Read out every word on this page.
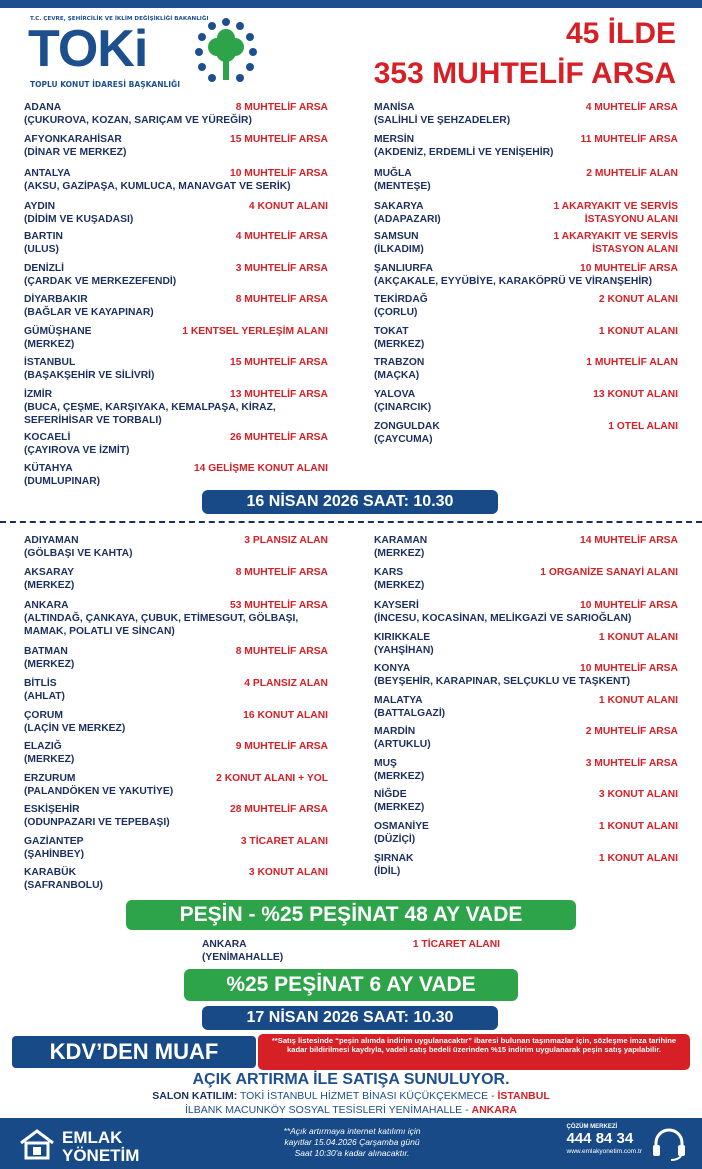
T.C. ÇEVRE, ŞEHİRCİLİK VE İKLİM DEĞİŞİKLİĞİ BAKANLIĞI
TOKi
TOPLU KONUT İDARESİ BAŞKANLIĞI
45 İLDE
353 MUHTELİF ARSA
ADANA
(ÇUKUROVA, KOZAN, SARIÇAM VE YÜREĞİR)
8 MUHTELİF ARSA
AFYONKARAHİSAR
(DİNAR VE MERKEZ)
15 MUHTELİF ARSA
ANTALYA
(AKSU, GAZİPAŞA, KUMLUCA, MANAVGAT VE SERİK)
10 MUHTELİF ARSA
AYDIN
(DİDİM VE KUŞADASI)
4 KONUT ALANI
BARTIN
(ULUS)
4 MUHTELİF ARSA
DENİZLİ
(ÇARDAK VE MERKEZEFENDİ)
3 MUHTELİF ARSA
DİYARBAKIR
(BAĞLAR VE KAYAPINAR)
8 MUHTELİF ARSA
GÜMÜŞHANE
(MERKEZ)
1 KENTSEL YERLEŞİM ALANI
İSTANBUL
(BAŞAKŞEHİR VE SİLİVRİ)
15 MUHTELİF ARSA
İZMİR
(BUCA, ÇEŞME, KARŞIYAKA, KEMALPAŞA, KİRAZ, SEFERİHİSAR VE TORBALI)
13 MUHTELİF ARSA
KOCAELİ
(ÇAYIROVA VE İZMİT)
26 MUHTELİF ARSA
KÜTAHYA
(DUMLUPINAR)
14 GELİŞME KONUT ALANI
MANİSA
(SALİHLİ VE ŞEHZADELER)
4 MUHTELİF ARSA
MERSİN
(AKDENİZ, ERDEMLİ VE YENİŞEHİR)
11 MUHTELİF ARSA
MUĞLA
(MENTEŞE)
2 MUHTELİF ALAN
SAKARYA
(ADAPAZARI)
1 AKARYAKIT VE SERVİS İSTASYONU ALANI
SAMSUN
(İLKADIM)
1 AKARYAKIT VE SERVİS İSTASYON ALANI
ŞANLIURFA
(AKÇAKALE, EYYÜBİYE, KARAKÖPRÜ VE VİRANŞEHİR)
10 MUHTELİF ARSA
TEKİRDAĞ
(ÇORLU)
2 KONUT ALANI
TOKAT
(MERKEZ)
1 KONUT ALANI
TRABZON
(MAÇKA)
1 MUHTELİF ALAN
YALOVA
(ÇINARCIK)
13 KONUT ALANI
ZONGULDAK
(ÇAYCUMA)
1 OTEL ALANI
16 NİSAN 2026 SAAT: 10.30
ADIYAMAN
(GÖLBAŞI VE KAHTA)
3 PLANSIZ ALAN
AKSARAY
(MERKEZ)
8 MUHTELİF ARSA
ANKARA
(ALTINDAĞ, ÇANKAYA, ÇUBUK, ETİMESGUT, GÖLBAŞI, MAMAK, POLATLI VE SİNCAN)
53 MUHTELİF ARSA
BATMAN
(MERKEZ)
8 MUHTELİF ARSA
BİTLİS
(AHLAT)
4 PLANSIZ ALAN
ÇORUM
(LAÇİN VE MERKEZ)
16 KONUT ALANI
ELAZIĞ
(MERKEZ)
9 MUHTELİF ARSA
ERZURUM
(PALANDÖKEN VE YAKUTİYE)
2 KONUT ALANI + YOL
ESKİŞEHİR
(ODUNPAZARI VE TEPEBAŞI)
28 MUHTELİF ARSA
GAZİANTEP
(ŞAHİNBEY)
3 TİCARET ALANI
KARABÜK
(SAFRANBOLU)
3 KONUT ALANI
KARAMAN
(MERKEZ)
14 MUHTELİF ARSA
KARS
(MERKEZ)
1 ORGANİZE SANAYİ ALANI
KAYSERİ
(İNCESU, KOCASİNAN, MELİKGAZİ VE SARIOĞLAN)
10 MUHTELİF ARSA
KIRIKKALE
(YAHŞİHAN)
1 KONUT ALANI
KONYA
(BEYŞEHİR, KARAPINAR, SELÇUKLU VE TAŞKENT)
10 MUHTELİF ARSA
MALATYA
(BATTALGAZİ)
1 KONUT ALANI
MARDİN
(ARTUKLU)
2 MUHTELİF ARSA
MUŞ
(MERKEZ)
3 MUHTELİF ARSA
NİĞDE
(MERKEZ)
3 KONUT ALANI
OSMANİYE
(DÜZİÇİ)
1 KONUT ALANI
ŞIRNAK
(İDİL)
1 KONUT ALANI
PEŞİN - %25 PEŞİNAT 48 AY VADE
ANKARA
(YENİMAHALLE)
1 TİCARET ALANI
%25 PEŞİNAT 6 AY VADE
17 NİSAN 2026 SAAT: 10.30
KDV’DEN MUAF	**Satış listesinde “peşin alımda indirim uygulanacaktır” ibaresi bulunan taşınmazlar için, sözleşme imza tarihine kadar bildirilmesi kaydıyla, vadeli satış bedeli üzerinden %15 indirim uygulanarak peşin satış yapılabilir.
AÇIK ARTIRMA İLE SATIŞA SUNULUYOR.
SALON KATILIM: TOKİ İSTANBUL HİZMET BİNASI KÜÇÜKÇEKMECE - İSTANBUL
İLBANK MACUNKÖY SOSYAL TESİSLERİ YENİMAHALLE - ANKARA
EMLAK
YÖNETİM
**Açık artırmaya internet katılımı için
kayıtlar 15.04.2026 Çarşamba günü
Saat 10:30'a kadar alınacaktır.
ÇÖZÜM MERKEZİ
444 84 34
www.emlakyonetim.com.tr
